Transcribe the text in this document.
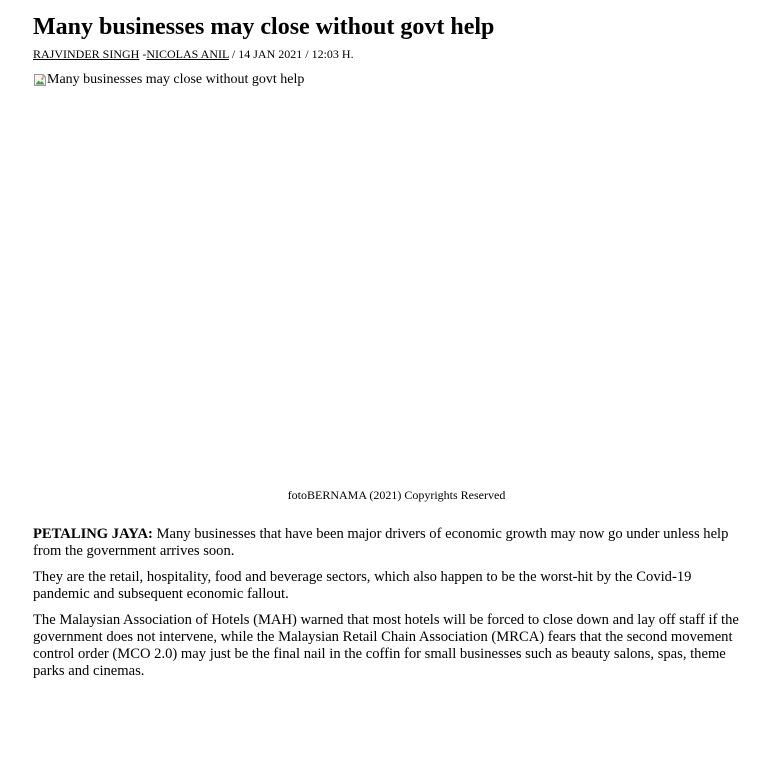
Many businesses may close without govt help
RAJVINDER SINGH -NICOLAS ANIL / 14 JAN 2021 / 12:03 H.
Many businesses may close without govt help
fotoBERNAMA (2021) Copyrights Reserved

PETALING JAYA: Many businesses that have been major drivers of economic growth may now go under unless help from the government arrives soon.

They are the retail, hospitality, food and beverage sectors, which also happen to be the worst-hit by the Covid-19 pandemic and subsequent economic fallout.

The Malaysian Association of Hotels (MAH) warned that most hotels will be forced to close down and lay off staff if the government does not intervene, while the Malaysian Retail Chain Association (MRCA) fears that the second movement control order (MCO 2.0) may just be the final nail in the coffin for small businesses such as beauty salons, spas, theme parks and cinemas.
